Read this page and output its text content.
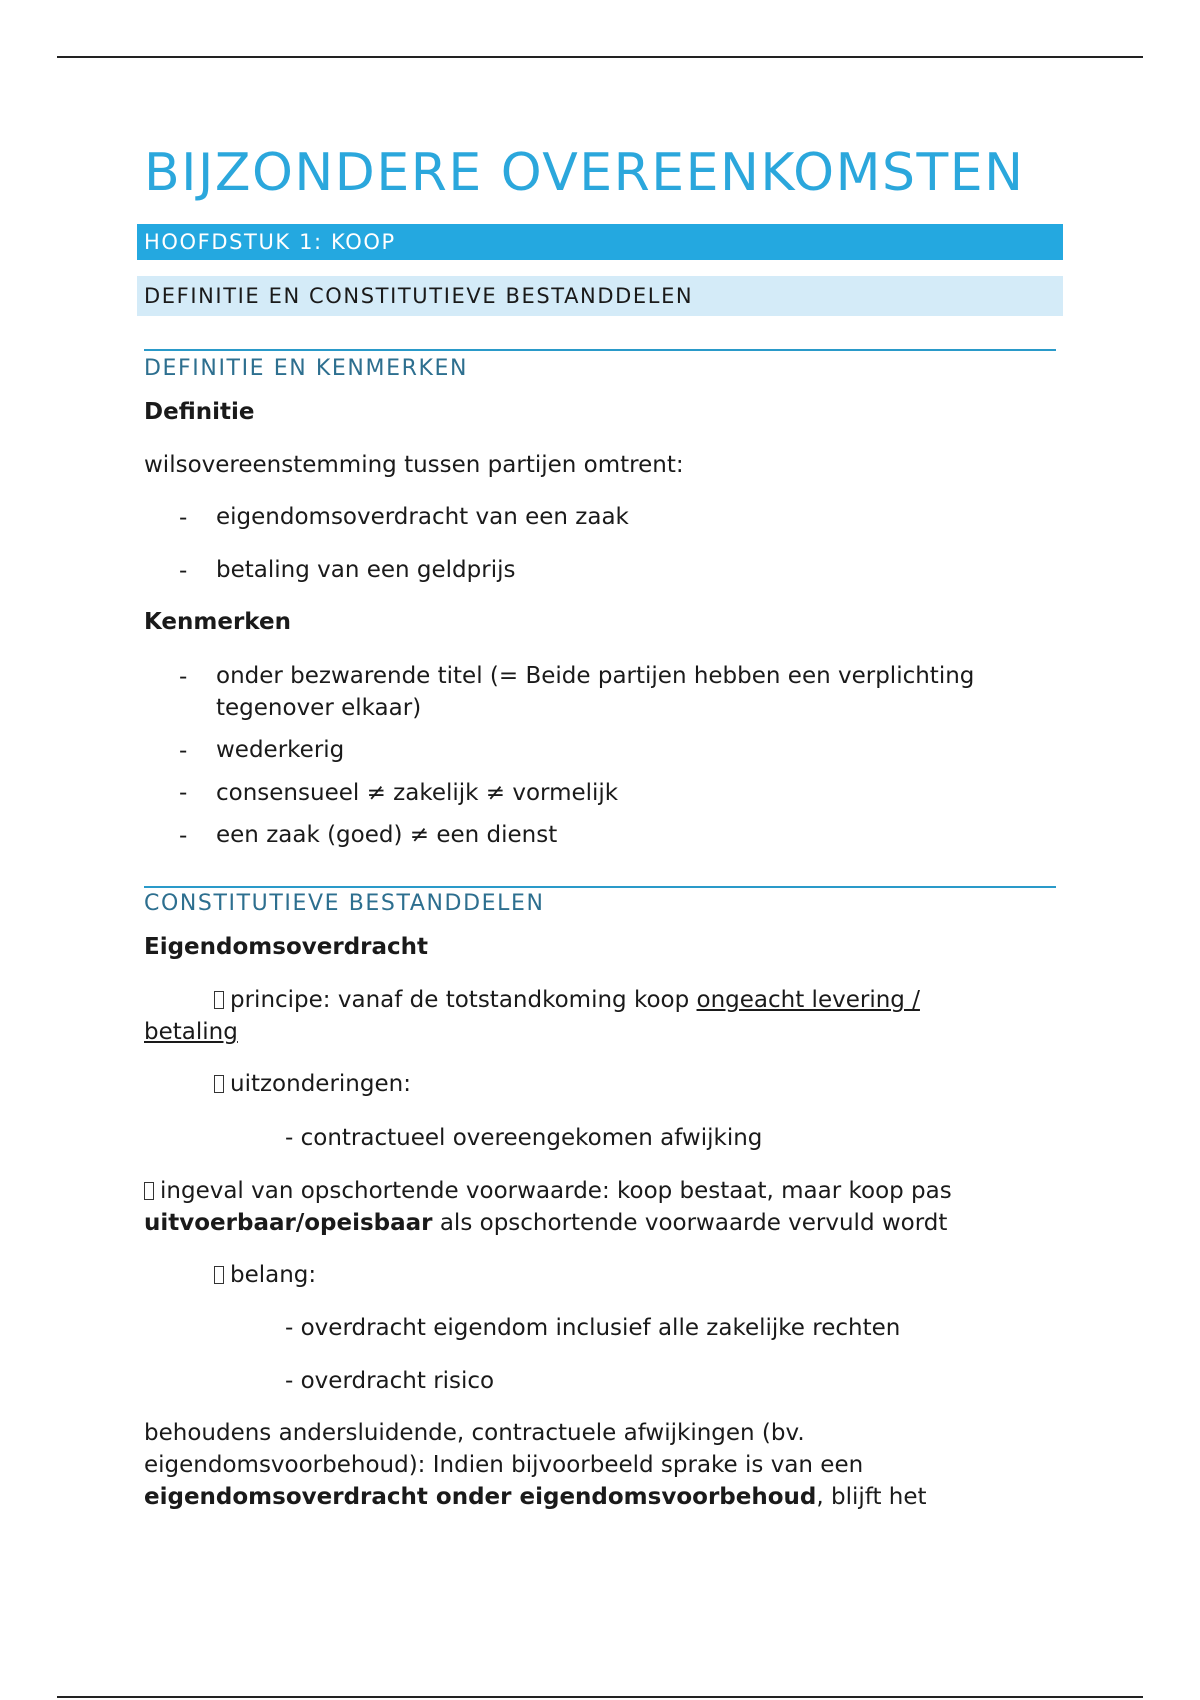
BIJZONDERE OVEREENKOMSTEN
HOOFDSTUK 1: KOOP
DEFINITIE EN CONSTITUTIEVE BESTANDDELEN
DEFINITIE EN KENMERKEN
Definitie
wilsovereenstemming tussen partijen omtrent:
- eigendomsoverdracht van een zaak
- betaling van een geldprijs
Kenmerken
- onder bezwarende titel (= Beide partijen hebben een verplichting
tegenover elkaar)
- wederkerig
- consensueel ≠ zakelijk ≠ vormelijk
- een zaak (goed) ≠ een dienst
CONSTITUTIEVE BESTANDDELEN
Eigendomsoverdracht
principe: vanaf de totstandkoming koop ongeacht levering /
betaling
uitzonderingen:
- contractueel overeengekomen afwijking
ingeval van opschortende voorwaarde: koop bestaat, maar koop pas
uitvoerbaar/opeisbaar als opschortende voorwaarde vervuld wordt
belang:
- overdracht eigendom inclusief alle zakelijke rechten
- overdracht risico
behoudens andersluidende, contractuele afwijkingen (bv.
eigendomsvoorbehoud): Indien bijvoorbeeld sprake is van een
eigendomsoverdracht onder eigendomsvoorbehoud, blijft het
